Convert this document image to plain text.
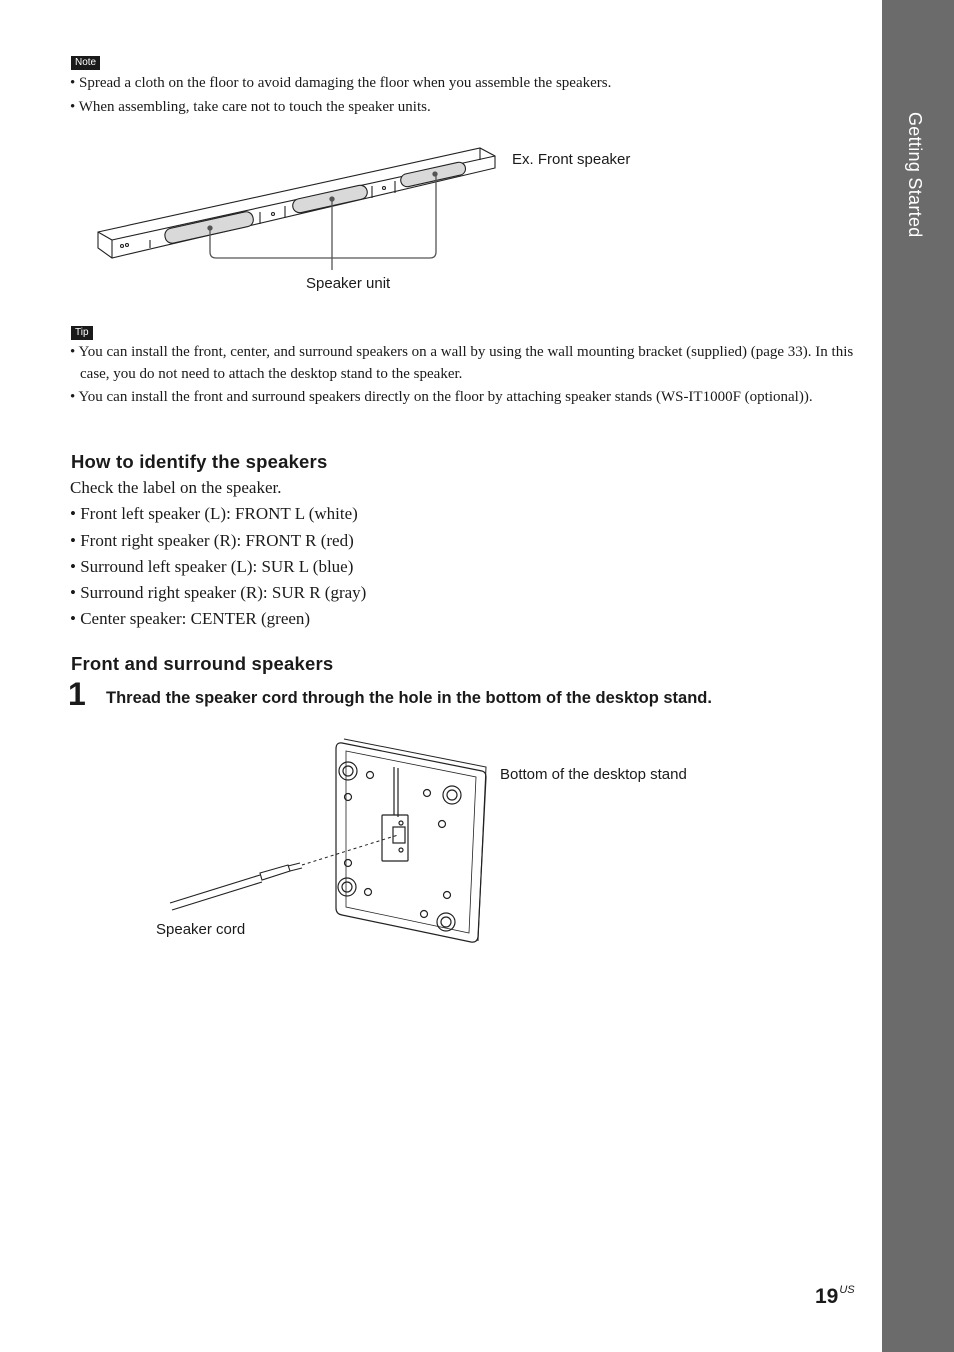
Getting Started
Note
• Spread a cloth on the floor to avoid damaging the floor when you assemble the speakers.
• When assembling, take care not to touch the speaker units.
Ex. Front speaker
Speaker unit
Tip
• You can install the front, center, and surround speakers on a wall by using the wall mounting bracket (supplied) (page 33). In this case, you do not need to attach the desktop stand to the speaker.
• You can install the front and surround speakers directly on the floor by attaching speaker stands (WS-IT1000F (optional)).
How to identify the speakers
Check the label on the speaker.
• Front left speaker (L): FRONT L (white)
• Front right speaker (R): FRONT R (red)
• Surround left speaker (L): SUR L (blue)
• Surround right speaker (R): SUR R (gray)
• Center speaker: CENTER (green)
Front and surround speakers
1 Thread the speaker cord through the hole in the bottom of the desktop stand.
Bottom of the desktop stand
Speaker cord
$19^{US}$
